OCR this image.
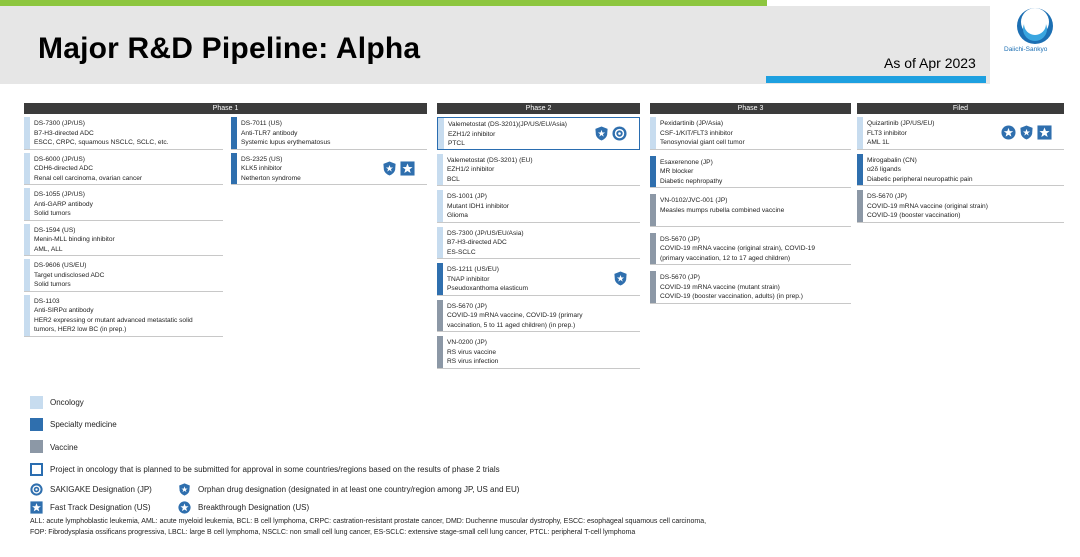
Major R&D Pipeline: Alpha	As of Apr 2023
Daiichi-Sankyo
Phase 1	Phase 2	Phase 3	Filed
DS-7300 (JP/US)
B7-H3-directed ADC
ESCC, CRPC, squamous NSCLC, SCLC, etc.
DS-6000 (JP/US)
CDH6-directed ADC
Renal cell carcinoma, ovarian cancer
DS-1055 (JP/US)
Anti-GARP antibody
Solid tumors
DS-1594 (US)
Menin-MLL binding inhibitor
AML, ALL
DS-9606 (US/EU)
Target undisclosed ADC
Solid tumors
DS-1103
Anti-SIRPα antibody
HER2 expressing or mutant advanced metastatic solid
tumors, HER2 low BC (in prep.)
DS-7011 (US)
Anti-TLR7 antibody
Systemic lupus erythematosus
DS-2325 (US)
KLK5 inhibitor
Netherton syndrome
Valemetostat (DS-3201)(JP/US/EU/Asia)
EZH1/2 inhibitor
PTCL
Valemetostat (DS-3201) (EU)
EZH1/2 inhibitor
BCL
DS-1001 (JP)
Mutant IDH1 inhibitor
Glioma
DS-7300 (JP/US/EU/Asia)
B7-H3-directed ADC
ES-SCLC
DS-1211 (US/EU)
TNAP inhibitor
Pseudoxanthoma elasticum
DS-5670 (JP)
COVID-19 mRNA vaccine, COVID-19 (primary
vaccination, 5 to 11 aged children) (in prep.)
VN-0200 (JP)
RS virus vaccine
RS virus infection
Pexidartinib (JP/Asia)
CSF-1/KIT/FLT3 inhibitor
Tenosynovial giant cell tumor
Esaxerenone (JP)
MR blocker
Diabetic nephropathy
VN-0102/JVC-001 (JP)
Measles mumps rubella combined vaccine
DS-5670 (JP)
COVID-19 mRNA vaccine (original strain), COVID-19
(primary vaccination, 12 to 17 aged children)
DS-5670 (JP)
COVID-19 mRNA vaccine (mutant strain)
COVID-19 (booster vaccination, adults) (in prep.)
Quizartinib (JP/US/EU)
FLT3 inhibitor
AML 1L
Mirogabalin (CN)
α2δ ligands
Diabetic peripheral neuropathic pain
DS-5670 (JP)
COVID-19 mRNA vaccine (original strain)
COVID-19 (booster vaccination)
Oncology
Specialty medicine
Vaccine
Project in oncology that is planned to be submitted for approval in some countries/regions based on the results of phase 2 trials
SAKIGAKE Designation (JP)	Orphan drug designation (designated in at least one country/region among JP, US and EU)
Fast Track Designation (US)	Breakthrough Designation (US)
ALL: acute lymphoblastic leukemia, AML: acute myeloid leukemia, BCL: B cell lymphoma, CRPC: castration-resistant prostate cancer, DMD: Duchenne muscular dystrophy, ESCC: esophageal squamous cell carcinoma,
FOP: Fibrodysplasia ossificans progressiva, LBCL: large B cell lymphoma, NSCLC: non small cell lung cancer, ES-SCLC: extensive stage-small cell lung cancer, PTCL: peripheral T-cell lymphoma
